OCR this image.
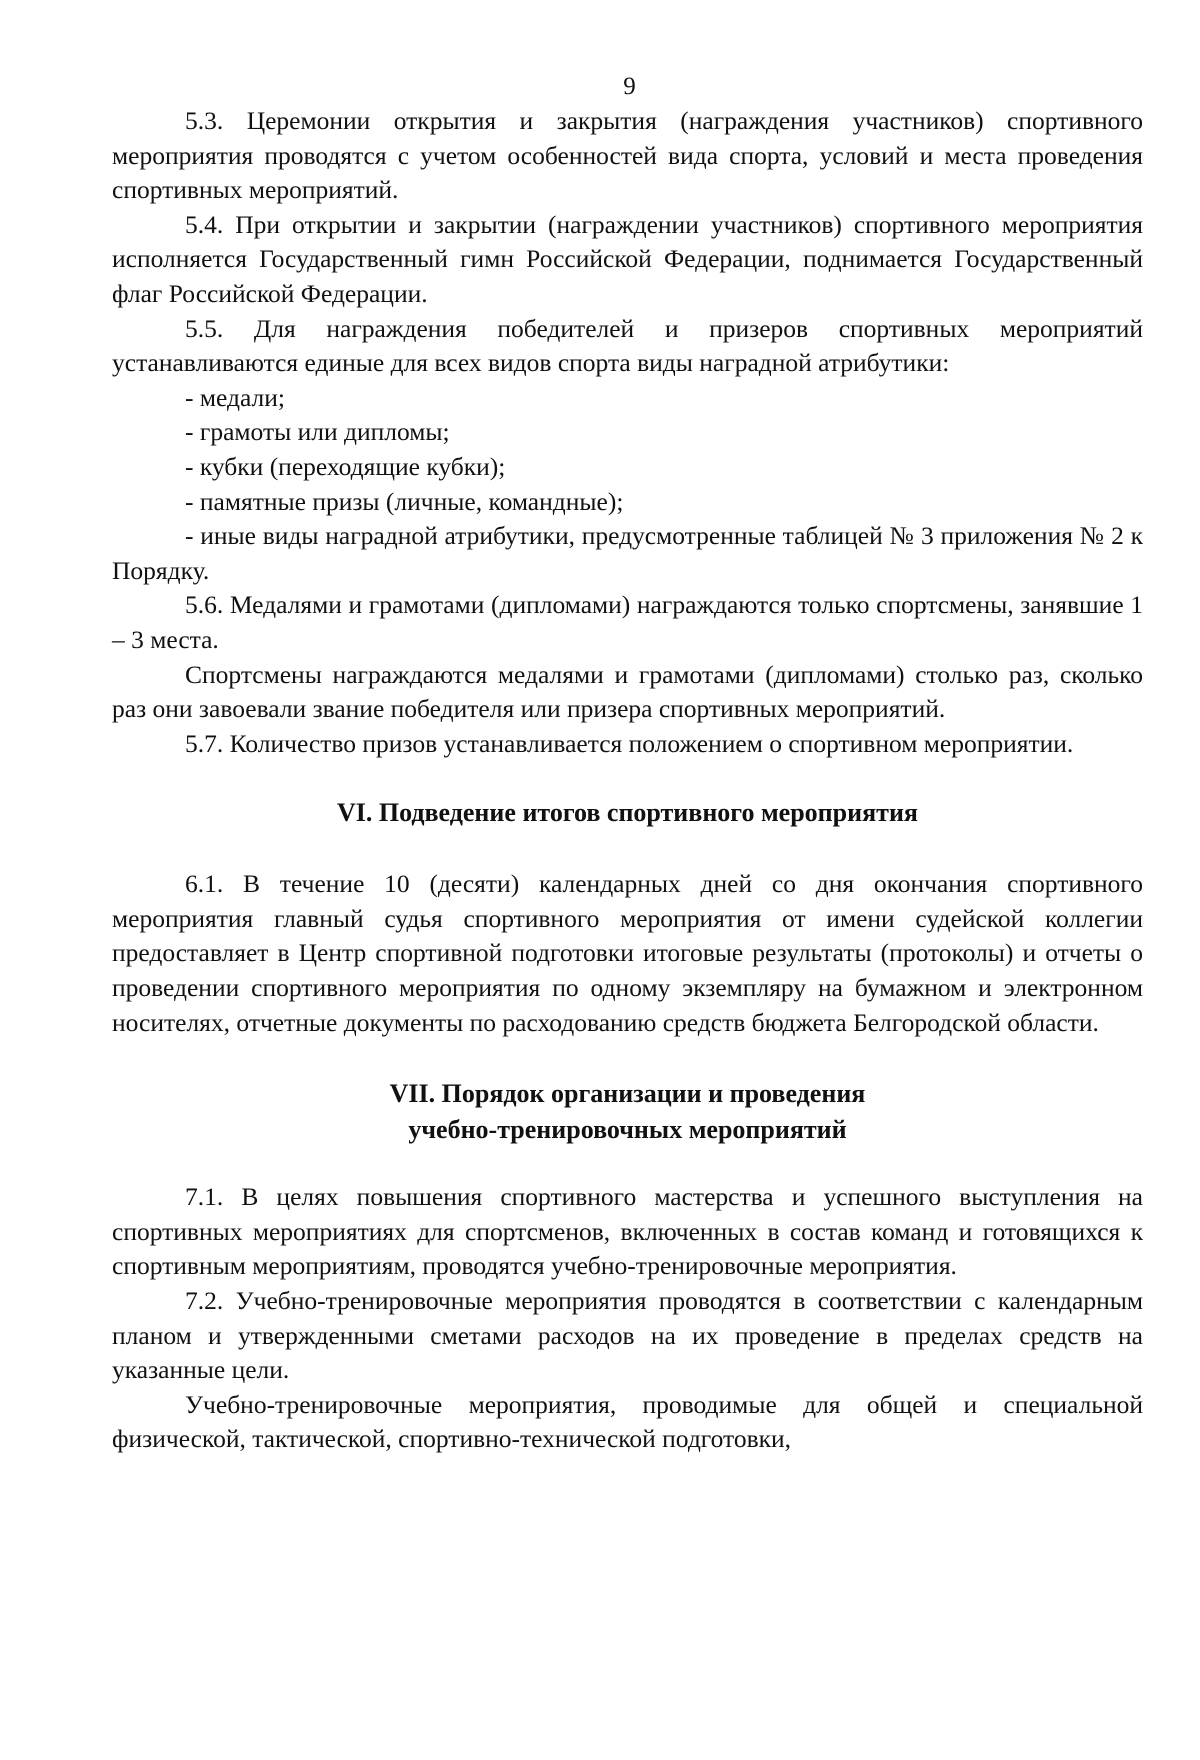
9

5.3. Церемонии открытия и закрытия (награждения участников) спортивного мероприятия проводятся с учетом особенностей вида спорта, условий и места проведения спортивных мероприятий.

5.4. При открытии и закрытии (награждении участников) спортивного мероприятия исполняется Государственный гимн Российской Федерации, поднимается Государственный флаг Российской Федерации.

5.5. Для награждения победителей и призеров спортивных мероприятий устанавливаются единые для всех видов спорта виды наградной атрибутики:

- медали;

- грамоты или дипломы;

- кубки (переходящие кубки);

- памятные призы (личные, командные);

- иные виды наградной атрибутики, предусмотренные таблицей № 3 приложения № 2 к Порядку.

5.6. Медалями и грамотами (дипломами) награждаются только спортсмены, занявшие 1 – 3 места.

Спортсмены награждаются медалями и грамотами (дипломами) столько раз, сколько раз они завоевали звание победителя или призера спортивных мероприятий.

5.7. Количество призов устанавливается положением о спортивном мероприятии.

VI. Подведение итогов спортивного мероприятия

6.1. В течение 10 (десяти) календарных дней со дня окончания спортивного мероприятия главный судья спортивного мероприятия от имени судейской коллегии предоставляет в Центр спортивной подготовки итоговые результаты (протоколы) и отчеты о проведении спортивного мероприятия по одному экземпляру на бумажном и электронном носителях, отчетные документы по расходованию средств бюджета Белгородской области.

VII. Порядок организации и проведения

учебно-тренировочных мероприятий

7.1. В целях повышения спортивного мастерства и успешного выступления на спортивных мероприятиях для спортсменов, включенных в состав команд и готовящихся к спортивным мероприятиям, проводятся учебно-тренировочные мероприятия.

7.2. Учебно-тренировочные мероприятия проводятся в соответствии с календарным планом и утвержденными сметами расходов на их проведение в пределах средств на указанные цели.

Учебно-тренировочные мероприятия, проводимые для общей и специальной физической, тактической, спортивно-технической подготовки,
